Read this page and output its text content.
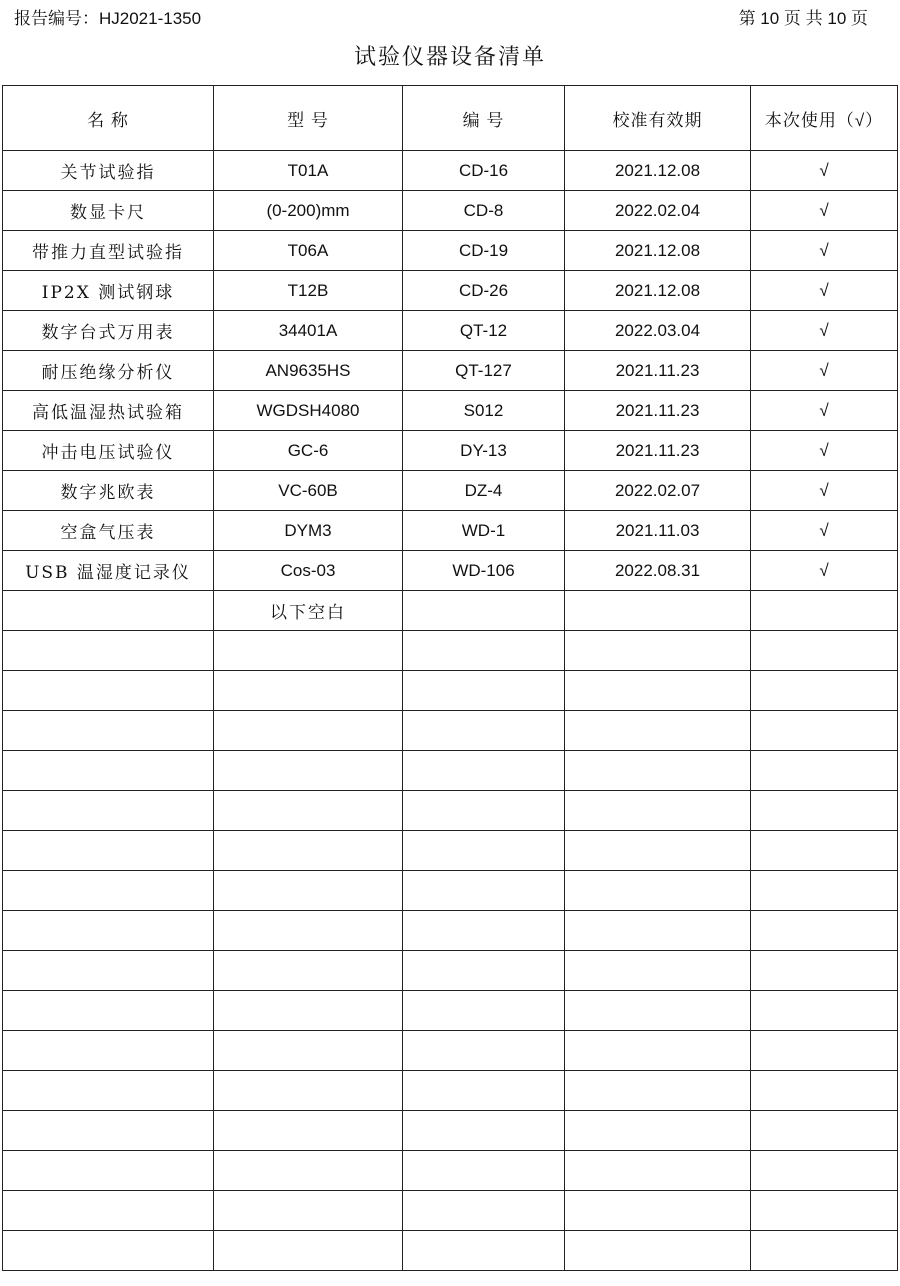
报告编号：HJ2021-1350	第 10 页 共 10 页
试验仪器设备清单
名 称	型 号	编 号	校准有效期	本次使用（√）
关节试验指	T01A	CD-16	2021.12.08	√
数显卡尺	(0-200)mm	CD-8	2022.02.04	√
带推力直型试验指	T06A	CD-19	2021.12.08	√
IP2X 测试钢球	T12B	CD-26	2021.12.08	√
数字台式万用表	34401A	QT-12	2022.03.04	√
耐压绝缘分析仪	AN9635HS	QT-127	2021.11.23	√
高低温湿热试验箱	WGDSH4080	S012	2021.11.23	√
冲击电压试验仪	GC-6	DY-13	2021.11.23	√
数字兆欧表	VC-60B	DZ-4	2022.02.07	√
空盒气压表	DYM3	WD-1	2021.11.03	√
USB 温湿度记录仪	Cos-03	WD-106	2022.08.31	√
	以下空白			
